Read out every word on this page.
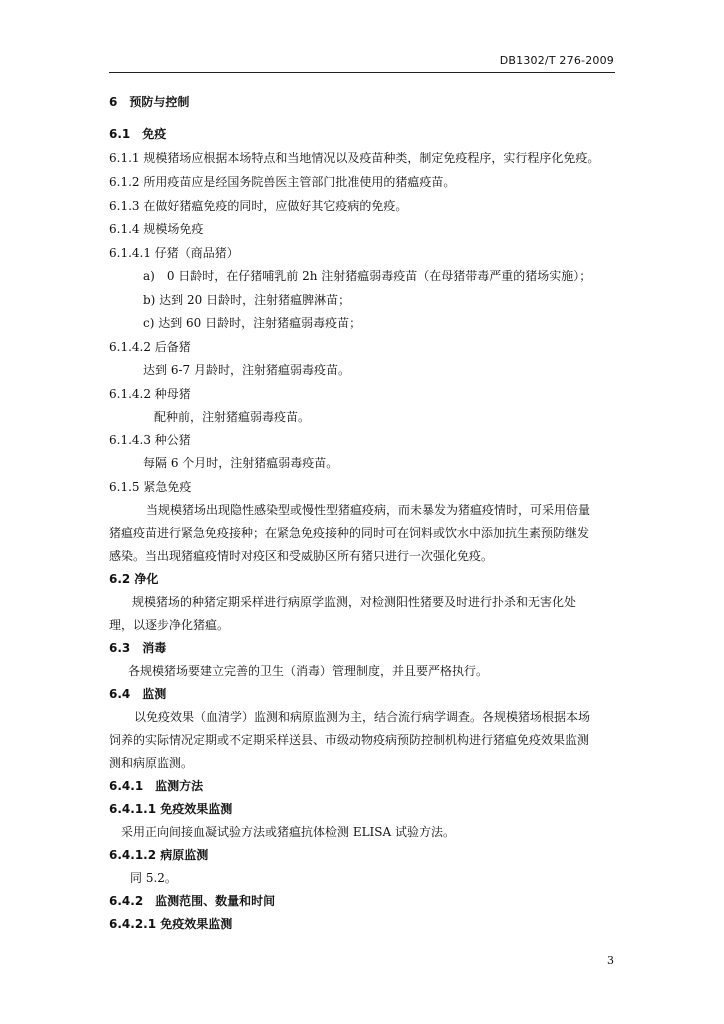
DB1302/T 276-2009
6　预防与控制
6.1　免疫
6.1.1 规模猪场应根据本场特点和当地情况以及疫苗种类，制定免疫程序，实行程序化免疫。
6.1.2 所用疫苗应是经国务院兽医主管部门批准使用的猪瘟疫苗。
6.1.3 在做好猪瘟免疫的同时，应做好其它疫病的免疫。
6.1.4 规模场免疫
6.1.4.1 仔猪（商品猪）
a)　0 日龄时，在仔猪哺乳前 2h 注射猪瘟弱毒疫苗（在母猪带毒严重的猪场实施）；
b) 达到 20 日龄时，注射猪瘟脾淋苗；
c) 达到 60 日龄时，注射猪瘟弱毒疫苗；
6.1.4.2 后备猪
达到 6-7 月龄时，注射猪瘟弱毒疫苗。
6.1.4.2 种母猪
配种前，注射猪瘟弱毒疫苗。
6.1.4.3 种公猪
每隔 6 个月时，注射猪瘟弱毒疫苗。
6.1.5 紧急免疫
当规模猪场出现隐性感染型或慢性型猪瘟疫病，而未暴发为猪瘟疫情时，可采用倍量
猪瘟疫苗进行紧急免疫接种；在紧急免疫接种的同时可在饲料或饮水中添加抗生素预防继发
感染。当出现猪瘟疫情时对疫区和受威胁区所有猪只进行一次强化免疫。
6.2 净化
规模猪场的种猪定期采样进行病原学监测，对检测阳性猪要及时进行扑杀和无害化处
理，以逐步净化猪瘟。
6.3　消毒
各规模猪场要建立完善的卫生（消毒）管理制度，并且要严格执行。
6.4　监测
以免疫效果（血清学）监测和病原监测为主，结合流行病学调查。各规模猪场根据本场
饲养的实际情况定期或不定期采样送县、市级动物疫病预防控制机构进行猪瘟免疫效果监测
测和病原监测。
6.4.1　监测方法
6.4.1.1 免疫效果监测
采用正向间接血凝试验方法或猪瘟抗体检测 ELISA 试验方法。
6.4.1.2 病原监测
同 5.2。
6.4.2　监测范围、数量和时间
6.4.2.1 免疫效果监测
3
